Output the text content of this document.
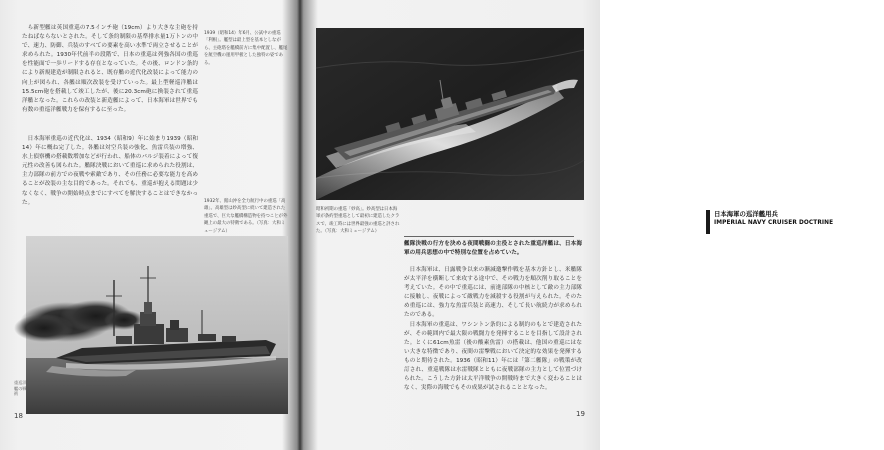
ら新型艦は英国重巡の7.5インチ砲（19cm）より大きな主砲を持たねばならないとされた。そして条約制限の基準排水量1万トンの中で、速力、防御、兵装のすべての要素を高い水準で両立させることが求められた。1930年代前半の段階で、日本の重巡は列強各国の重巡を性能面で一歩リードする存在となっていた。その後、ロンドン条約により新規建造が制限されると、既存艦の近代化改装によって能力の向上が図られ、各艦は順次改装を受けていった。最上型軽巡洋艦は15.5cm砲を搭載して竣工したが、後に20.3cm砲に換装されて重巡洋艦となった。これらの改装と新造艦によって、日本海軍は世界でも有数の重巡洋艦戦力を保有するに至った。

日本海軍重巡の近代化は、1934（昭和9）年に始まり1939（昭和14）年に概ね完了した。各艦は対空兵装の強化、魚雷兵装の増強、水上偵察機の搭載数増加などが行われ、船体のバルジ装着によって復元性の改善も図られた。艦隊決戦において重巡に求められた役割は、主力部隊の前方での夜戦や索敵であり、その任務に必要な能力を高めることが改装の主な目的であった。それでも、重巡が抱える問題は少なくなく、戦争の開始時点までにすべてを解決することはできなかった。

1939（昭和14）年6月、公試中の重巡「利根」。艦型は最上型を基本としながら、主砲塔を艦橋前方に集中配置し、艦尾を航空機の運用甲板とした独特の姿である。
1932年、館山沖を全力航行中の重巡「高雄」。高雄型は妙高型に続いて建造された重巡で、巨大な艦橋構造物を持つことが外観上の最大の特徴である。（写真：大和ミュージアム）
重巡洋艦の戦術
18
昭和初期の重巡「妙高」。妙高型は日本海軍が条約型重巡として最初に建造したクラスで、竣工時には世界最強の重巡と評された。（写真：大和ミュージアム）
日本海軍の巡洋艦用兵
IMPERIAL NAVY CRUISER DOCTRINE
艦隊決戦の行方を決める夜間戦闘の主役とされた重巡洋艦は、日本海軍の用兵思想の中で特別な位置を占めていた。

日本海軍は、日露戦争以来の漸減邀撃作戦を基本方針とし、米艦隊が太平洋を横断して来攻する途中で、その戦力を順次削り取ることを考えていた。その中で重巡には、前進部隊の中核として敵の主力部隊に接触し、夜戦によって敵戦力を減殺する役割が与えられた。そのため重巡には、強力な魚雷兵装と高速力、そして長い航続力が求められたのである。

日本海軍の重巡は、ワシントン条約による制約のもとで建造されたが、その範囲内で最大限の戦闘力を発揮することを目指して設計された。とくに61cm魚雷（後の酸素魚雷）の搭載は、他国の重巡にはない大きな特徴であり、夜間の雷撃戦において決定的な効果を発揮するものと期待された。1936（昭和11）年には「第二艦隊」の戦策が改訂され、重巡戦隊は水雷戦隊とともに夜戦部隊の主力として位置づけられた。こうした方針は太平洋戦争の開戦時まで大きく変わることはなく、実際の海戦でもその成果が試されることとなった。

19
